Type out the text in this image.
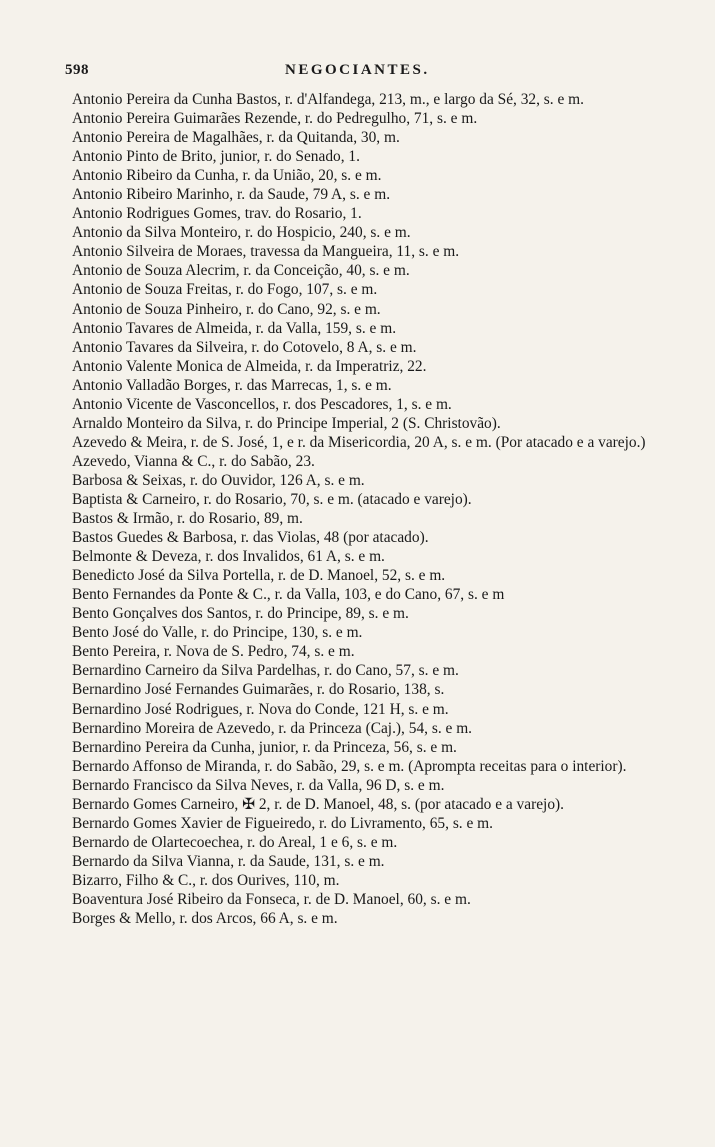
598	NEGOCIANTES.
Antonio Pereira da Cunha Bastos, r. d'Alfandega, 213, m., e largo da Sé, 32, s. e m.
Antonio Pereira Guimarães Rezende, r. do Pedregulho, 71, s. e m.
Antonio Pereira de Magalhães, r. da Quitanda, 30, m.
Antonio Pinto de Brito, junior, r. do Senado, 1.
Antonio Ribeiro da Cunha, r. da União, 20, s. e m.
Antonio Ribeiro Marinho, r. da Saude, 79 A, s. e m.
Antonio Rodrigues Gomes, trav. do Rosario, 1.
Antonio da Silva Monteiro, r. do Hospicio, 240, s. e m.
Antonio Silveira de Moraes, travessa da Mangueira, 11, s. e m.
Antonio de Souza Alecrim, r. da Conceição, 40, s. e m.
Antonio de Souza Freitas, r. do Fogo, 107, s. e m.
Antonio de Souza Pinheiro, r. do Cano, 92, s. e m.
Antonio Tavares de Almeida, r. da Valla, 159, s. e m.
Antonio Tavares da Silveira, r. do Cotovelo, 8 A, s. e m.
Antonio Valente Monica de Almeida, r. da Imperatriz, 22.
Antonio Valladão Borges, r. das Marrecas, 1, s. e m.
Antonio Vicente de Vasconcellos, r. dos Pescadores, 1, s. e m.
Arnaldo Monteiro da Silva, r. do Principe Imperial, 2 (S. Christovão).
Azevedo & Meira, r. de S. José, 1, e r. da Misericordia, 20 A, s. e m. (Por atacado e a varejo.)
Azevedo, Vianna & C., r. do Sabão, 23.
Barbosa & Seixas, r. do Ouvidor, 126 A, s. e m.
Baptista & Carneiro, r. do Rosario, 70, s. e m. (atacado e varejo).
Bastos & Irmão, r. do Rosario, 89, m.
Bastos Guedes & Barbosa, r. das Violas, 48 (por atacado).
Belmonte & Deveza, r. dos Invalidos, 61 A, s. e m.
Benedicto José da Silva Portella, r. de D. Manoel, 52, s. e m.
Bento Fernandes da Ponte & C., r. da Valla, 103, e do Cano, 67, s. e m
Bento Gonçalves dos Santos, r. do Principe, 89, s. e m.
Bento José do Valle, r. do Principe, 130, s. e m.
Bento Pereira, r. Nova de S. Pedro, 74, s. e m.
Bernardino Carneiro da Silva Pardelhas, r. do Cano, 57, s. e m.
Bernardino José Fernandes Guimarães, r. do Rosario, 138, s.
Bernardino José Rodrigues, r. Nova do Conde, 121 H, s. e m.
Bernardino Moreira de Azevedo, r. da Princeza (Caj.), 54, s. e m.
Bernardino Pereira da Cunha, junior, r. da Princeza, 56, s. e m.
Bernardo Affonso de Miranda, r. do Sabão, 29, s. e m. (Apromptа receitas para o interior).
Bernardo Francisco da Silva Neves, r. da Valla, 96 D, s. e m.
Bernardo Gomes Carneiro, ✠ 2, r. de D. Manoel, 48, s. (por atacado e a varejo).
Bernardo Gomes Xavier de Figueiredo, r. do Livramento, 65, s. e m.
Bernardo de Olartecoechea, r. do Areal, 1 e 6, s. e m.
Bernardo da Silva Vianna, r. da Saude, 131, s. e m.
Bizarro, Filho & C., r. dos Ourives, 110, m.
Boaventura José Ribeiro da Fonseca, r. de D. Manoel, 60, s. e m.
Borges & Mello, r. dos Arcos, 66 A, s. e m.
